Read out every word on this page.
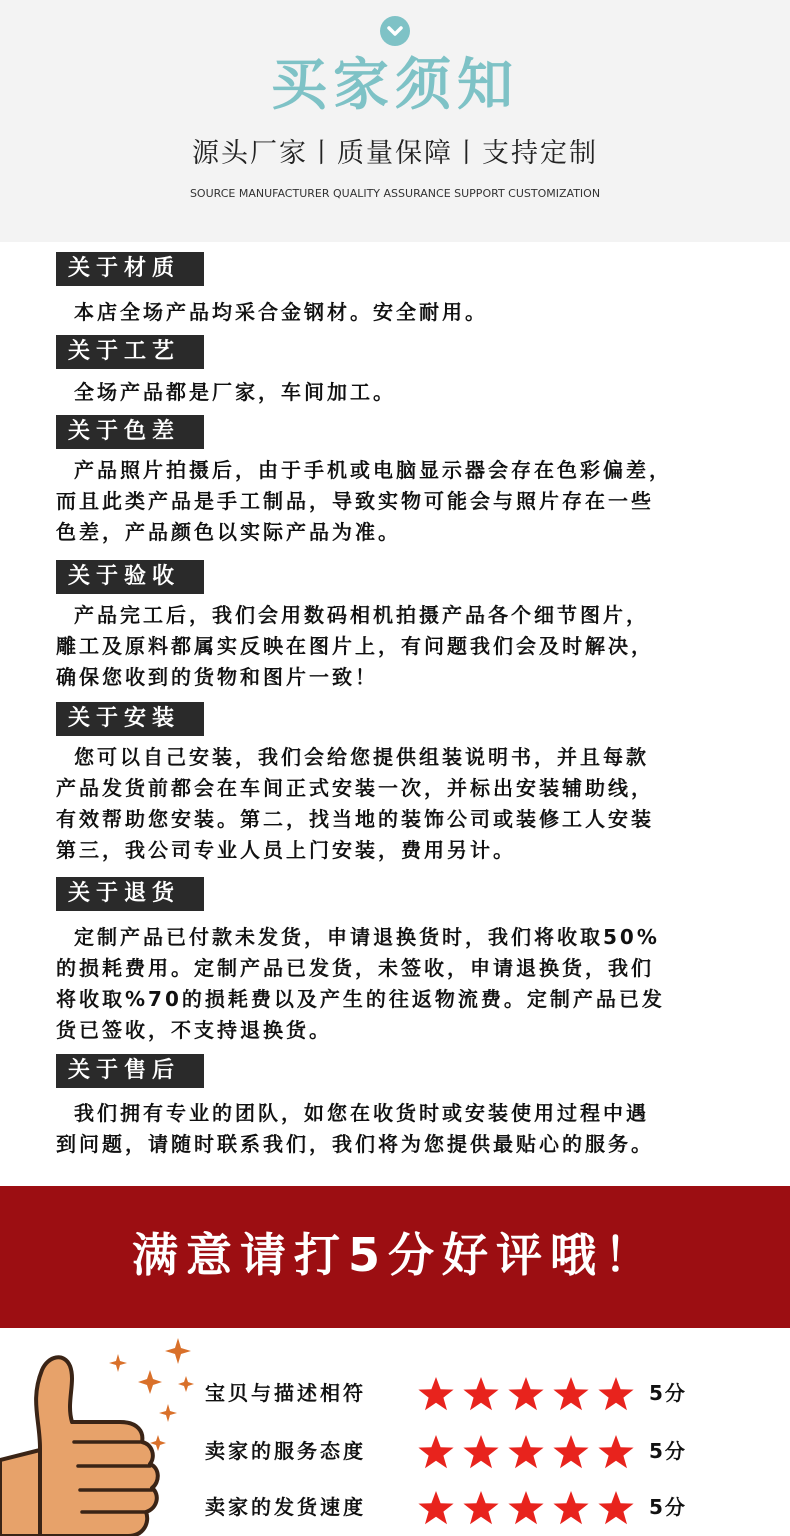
买家须知
源头厂家丨质量保障丨支持定制
SOURCE MANUFACTURER QUALITY ASSURANCE SUPPORT CUSTOMIZATION
关于材质
本店全场产品均采合金钢材。安全耐用。
关于工艺
全场产品都是厂家，车间加工。
关于色差
产品照片拍摄后，由于手机或电脑显示器会存在色彩偏差，
而且此类产品是手工制品，导致实物可能会与照片存在一些
色差，产品颜色以实际产品为准。
关于验收
产品完工后，我们会用数码相机拍摄产品各个细节图片，
雕工及原料都属实反映在图片上，有问题我们会及时解决，
确保您收到的货物和图片一致！
关于安装
您可以自己安装，我们会给您提供组装说明书，并且每款
产品发货前都会在车间正式安装一次，并标出安装辅助线，
有效帮助您安装。第二，找当地的装饰公司或装修工人安装
第三，我公司专业人员上门安装，费用另计。
关于退货
定制产品已付款未发货，申请退换货时，我们将收取50%
的损耗费用。定制产品已发货，未签收，申请退换货，我们
将收取%70的损耗费以及产生的往返物流费。定制产品已发
货已签收，不支持退换货。
关于售后
我们拥有专业的团队，如您在收货时或安装使用过程中遇
到问题，请随时联系我们，我们将为您提供最贴心的服务。
满意请打5分好评哦！
宝贝与描述相符	5分
卖家的服务态度	5分
卖家的发货速度	5分
